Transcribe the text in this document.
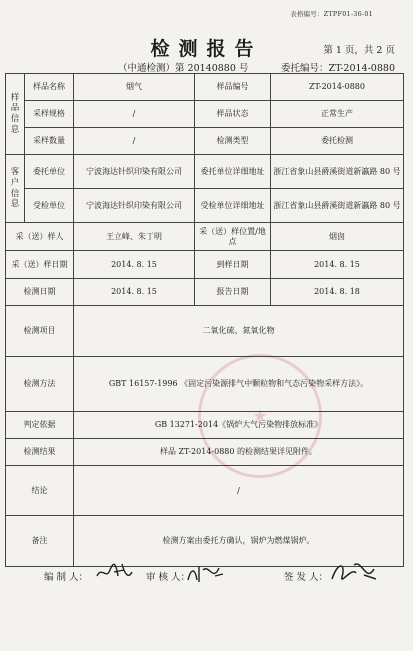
表格编号：ZTPF01-36-01
检测报告	第 1 页，共 2 页
（中通检测）第 20140880 号	委托编号：ZT-2014-0880
样品信息	样品名称	烟气	样品编号	ZT-2014-0880
	采样规格	/	样品状态	正常生产
	采样数量	/	检测类型	委托检测
客户信息	委托单位	宁波海达针织印染有限公司	委托单位详细地址	浙江省象山县爵溪街道新瀛路 80 号
	受检单位	宁波海达针织印染有限公司	受检单位详细地址	浙江省象山县爵溪街道新瀛路 80 号
采（送）样人		王立峰、朱丁明	采（送）样位置/地点	烟囱
采（送）样日期		2014. 8. 15	到样日期	2014. 8. 15
检测日期		2014. 8. 15	报告日期	2014. 8. 18
检测项目		二氧化硫、氮氧化物		
检测方法		GBT 16157-1996 《固定污染源排气中颗粒物和气态污染物采样方法》。		
判定依据		GB 13271-2014《锅炉大气污染物排放标准》		
检测结果		样品 ZT-2014-0880 的检测结果详见附件。		
结论		/		
备注		检测方案由委托方确认，锅炉为燃煤锅炉。		
编 制 人：	审 核 人：	签 发 人：
